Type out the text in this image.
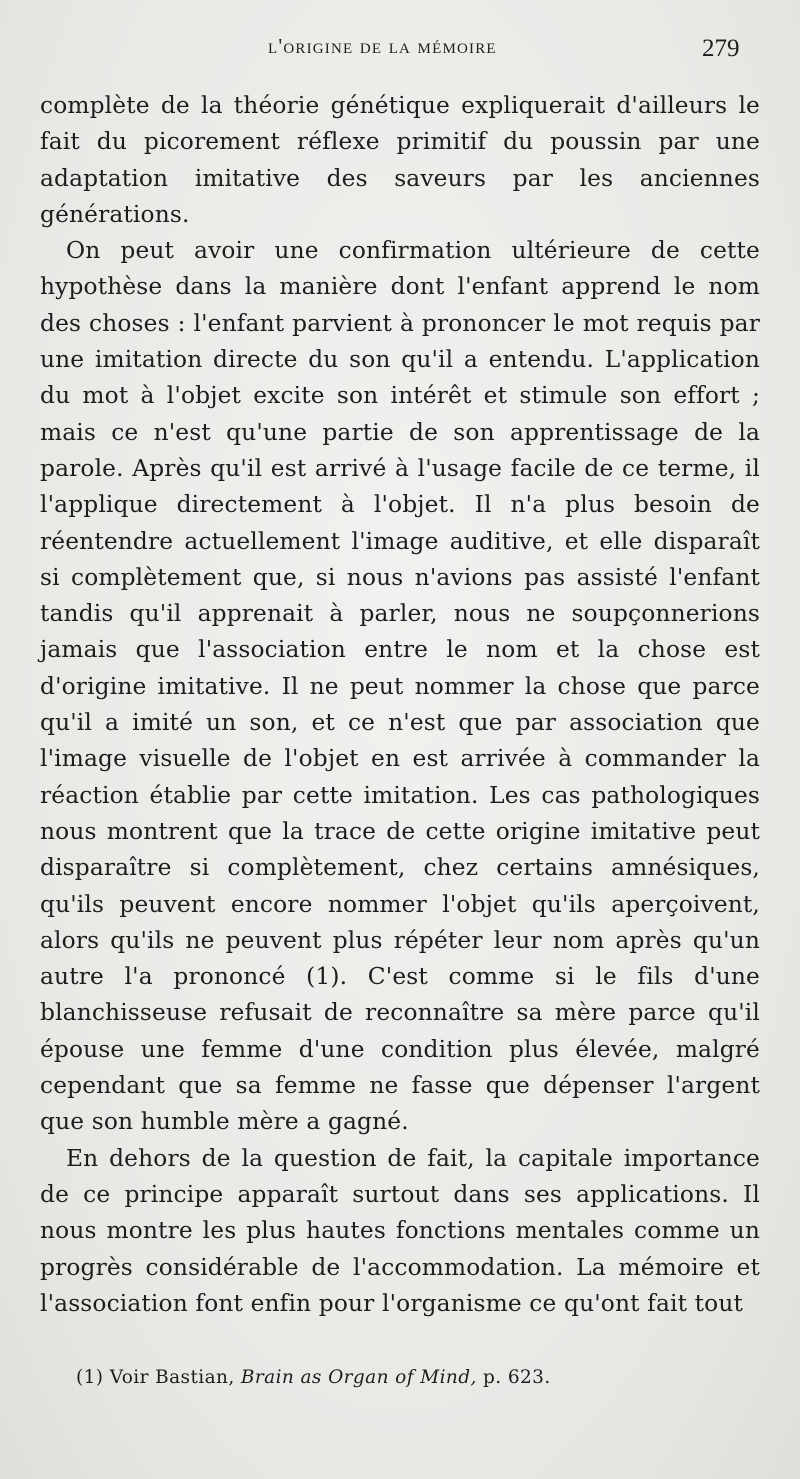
l'origine de la mémoire	279

complète de la théorie génétique expliquerait d'ailleurs le fait du picorement réflexe primitif du poussin par une adaptation imitative des saveurs par les anciennes générations.

On peut avoir une confirmation ultérieure de cette hypothèse dans la manière dont l'enfant apprend le nom des choses : l'enfant parvient à prononcer le mot requis par une imitation directe du son qu'il a entendu. L'application du mot à l'objet excite son intérêt et stimule son effort ; mais ce n'est qu'une partie de son apprentissage de la parole. Après qu'il est arrivé à l'usage facile de ce terme, il l'applique directement à l'objet. Il n'a plus besoin de réentendre actuellement l'image auditive, et elle disparaît si complètement que, si nous n'avions pas assisté l'enfant tandis qu'il apprenait à parler, nous ne soupçonnerions jamais que l'association entre le nom et la chose est d'origine imitative. Il ne peut nommer la chose que parce qu'il a imité un son, et ce n'est que par association que l'image visuelle de l'objet en est arrivée à commander la réaction établie par cette imitation. Les cas pathologiques nous montrent que la trace de cette origine imitative peut disparaître si complètement, chez certains amnésiques, qu'ils peuvent encore nommer l'objet qu'ils aperçoivent, alors qu'ils ne peuvent plus répéter leur nom après qu'un autre l'a prononcé (1). C'est comme si le fils d'une blanchisseuse refusait de reconnaître sa mère parce qu'il épouse une femme d'une condition plus élevée, malgré cependant que sa femme ne fasse que dépenser l'argent que son humble mère a gagné.

En dehors de la question de fait, la capitale importance de ce principe apparaît surtout dans ses applications. Il nous montre les plus hautes fonctions mentales comme un progrès considérable de l'accommodation. La mémoire et l'association font enfin pour l'organisme ce qu'ont fait tout

(1) Voir Bastian, Brain as Organ of Mind, p. 623.
